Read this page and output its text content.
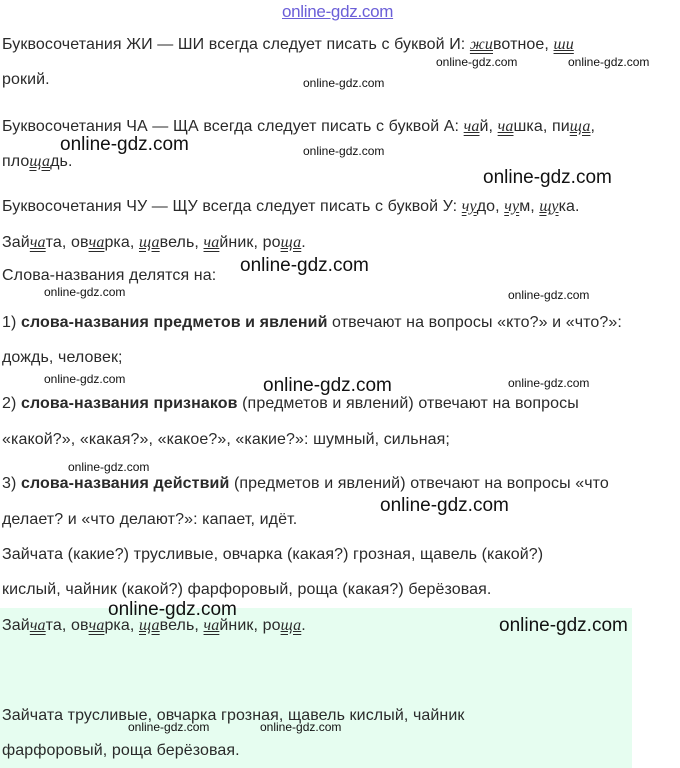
online-gdz.com
Буквосочетания ЖИ — ШИ всегда следует писать с буквой И: животное, ши
рокий.
Буквосочетания ЧА — ЩА всегда следует писать с буквой А: чай, чашка, пища,
площадь.
Буквосочетания ЧУ — ЩУ всегда следует писать с буквой У: чудо, чум, щука.
Зайчата, овчарка, щавель, чайник, роща.
Слова-названия делятся на:
1) слова-названия предметов и явлений отвечают на вопросы «кто?» и «что?»:
дождь, человек;
2) слова-названия признаков (предметов и явлений) отвечают на вопросы
«какой?», «какая?», «какое?», «какие?»: шумный, сильная;
3) слова-названия действий (предметов и явлений) отвечают на вопросы «что
делает? и «что делают?»: капает, идёт.
Зайчата (какие?) трусливые, овчарка (какая?) грозная, щавель (какой?)
кислый, чайник (какой?) фарфоровый, роща (какая?) берёзовая.
Зайчата, овчарка, щавель, чайник, роща.
Зайчата трусливые, овчарка грозная, щавель кислый, чайник
фарфоровый, роща берёзовая.
online-gdz.com	online-gdz.com
online-gdz.com
online-gdz.com
online-gdz.com
online-gdz.com
online-gdz.com
online-gdz.com	online-gdz.com
online-gdz.com	online-gdz.com	online-gdz.com
online-gdz.com
online-gdz.com
online-gdz.com
online-gdz.com
online-gdz.com	online-gdz.com
